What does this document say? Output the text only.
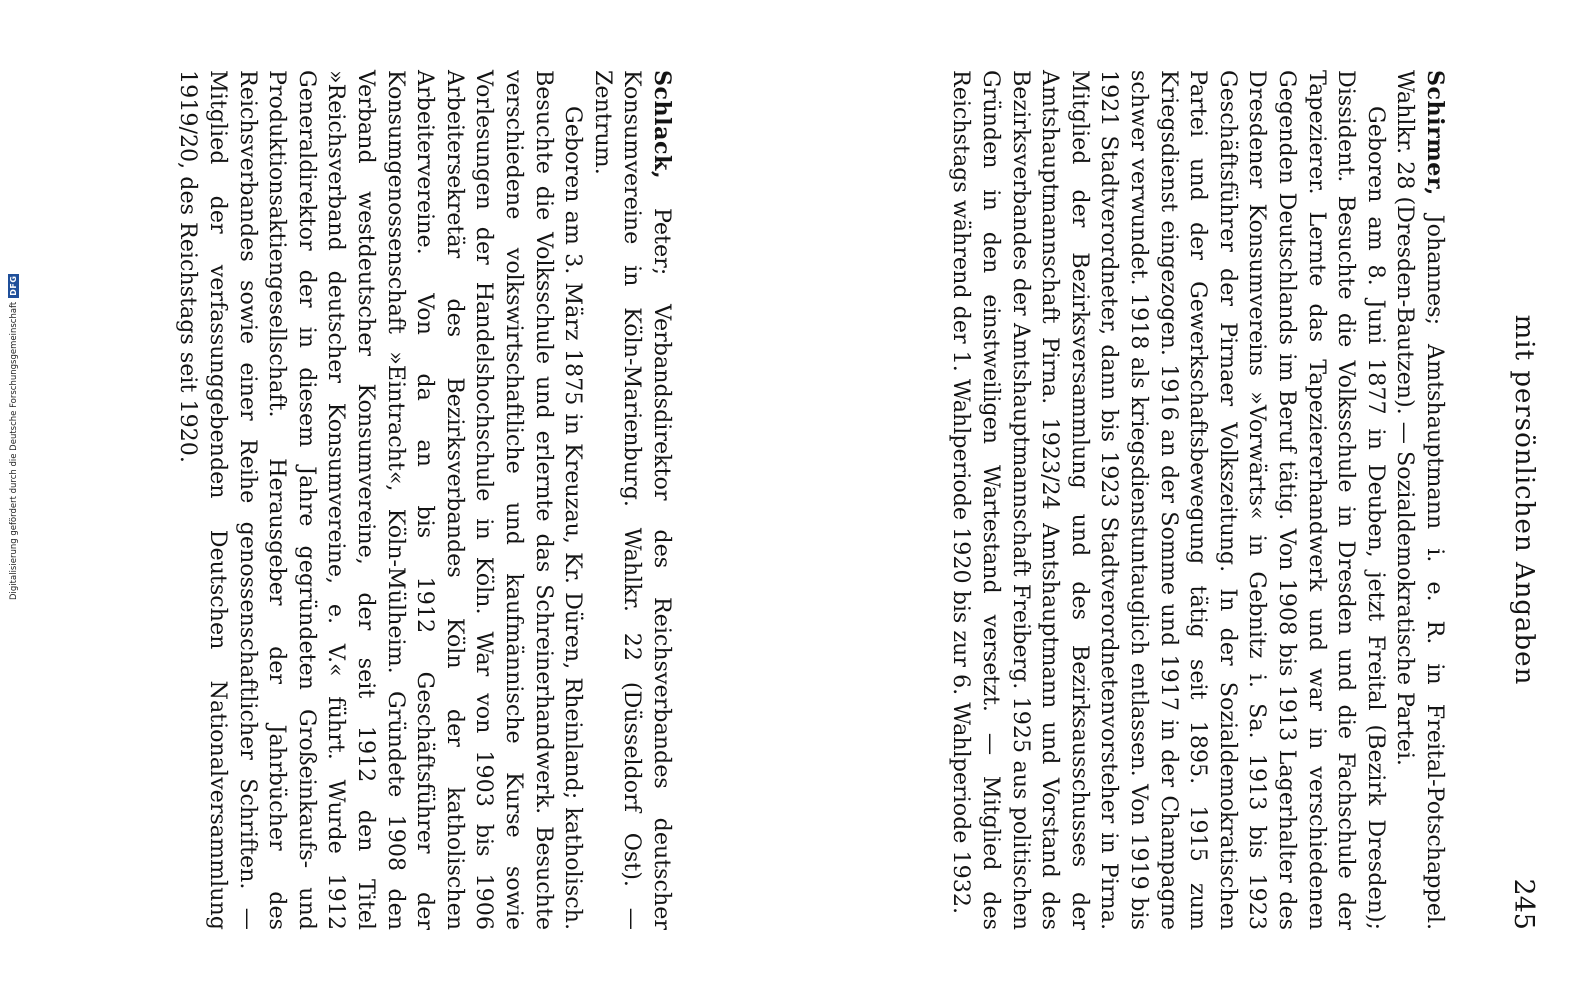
mit persönlichen Angaben
245

Schirmer, Johannes; Amtshauptmann i. e. R. in Freital-Potschappel. Wahlkr. 28 (Dresden-Bautzen). — Sozialdemokratische Partei.

Geboren am 8. Juni 1877 in Deuben, jetzt Freital (Bezirk Dresden); Dissident. Besuchte die Volksschule in Dresden und die Fachschule der Tapezierer. Lernte das Tapeziererhandwerk und war in verschiedenen Gegenden Deutschlands im Beruf tätig. Von 1908 bis 1913 Lagerhalter des Dresdener Konsumvereins »Vorwärts« in Gebnitz i. Sa. 1913 bis 1923 Geschäftsführer der Pirnaer Volkszeitung. In der Sozialdemokratischen Partei und der Gewerkschaftsbewegung tätig seit 1895. 1915 zum Kriegsdienst eingezogen. 1916 an der Somme und 1917 in der Champagne schwer verwundet. 1918 als kriegsdienstuntauglich entlassen. Von 1919 bis 1921 Stadtverordneter, dann bis 1923 Stadtverordnetenvorsteher in Pirna. Mitglied der Bezirksversammlung und des Bezirksausschusses der Amtshauptmannschaft Pirna. 1923/24 Amtshauptmann und Vorstand des Bezirksverbandes der Amtshauptmannschaft Freiberg. 1925 aus politischen Gründen in den einstweiligen Wartestand versetzt. — Mitglied des Reichstags während der 1. Wahlperiode 1920 bis zur 6. Wahlperiode 1932.

Schlack, Peter; Verbandsdirektor des Reichsverbandes deutscher Konsumvereine in Köln-Marienburg. Wahlkr. 22 (Düsseldorf Ost). — Zentrum.

Geboren am 3. März 1875 in Kreuzau, Kr. Düren, Rheinland; katholisch. Besuchte die Volksschule und erlernte das Schreinerhandwerk. Besuchte verschiedene volkswirtschaftliche und kaufmännische Kurse sowie Vorlesungen der Handelshochschule in Köln. War von 1903 bis 1906 Arbeitersekretär des Bezirksverbandes Köln der katholischen Arbeitervereine. Von da an bis 1912 Geschäftsführer der Konsumgenossenschaft »Eintracht«, Köln-Mülheim. Gründete 1908 den Verband westdeutscher Konsumvereine, der seit 1912 den Titel »Reichsverband deutscher Konsumvereine, e. V.« führt. Wurde 1912 Generaldirektor der in diesem Jahre gegründeten Großeinkaufs- und Produktionsaktiengesellschaft. Herausgeber der Jahrbücher des Reichsverbandes sowie einer Reihe genossenschaftlicher Schriften. — Mitglied der verfassunggebenden Deutschen Nationalversammlung 1919/20, des Reichstags seit 1920.

Digitalisierung gefördert durch die Deutsche Forschungsgemeinschaft
DFG
